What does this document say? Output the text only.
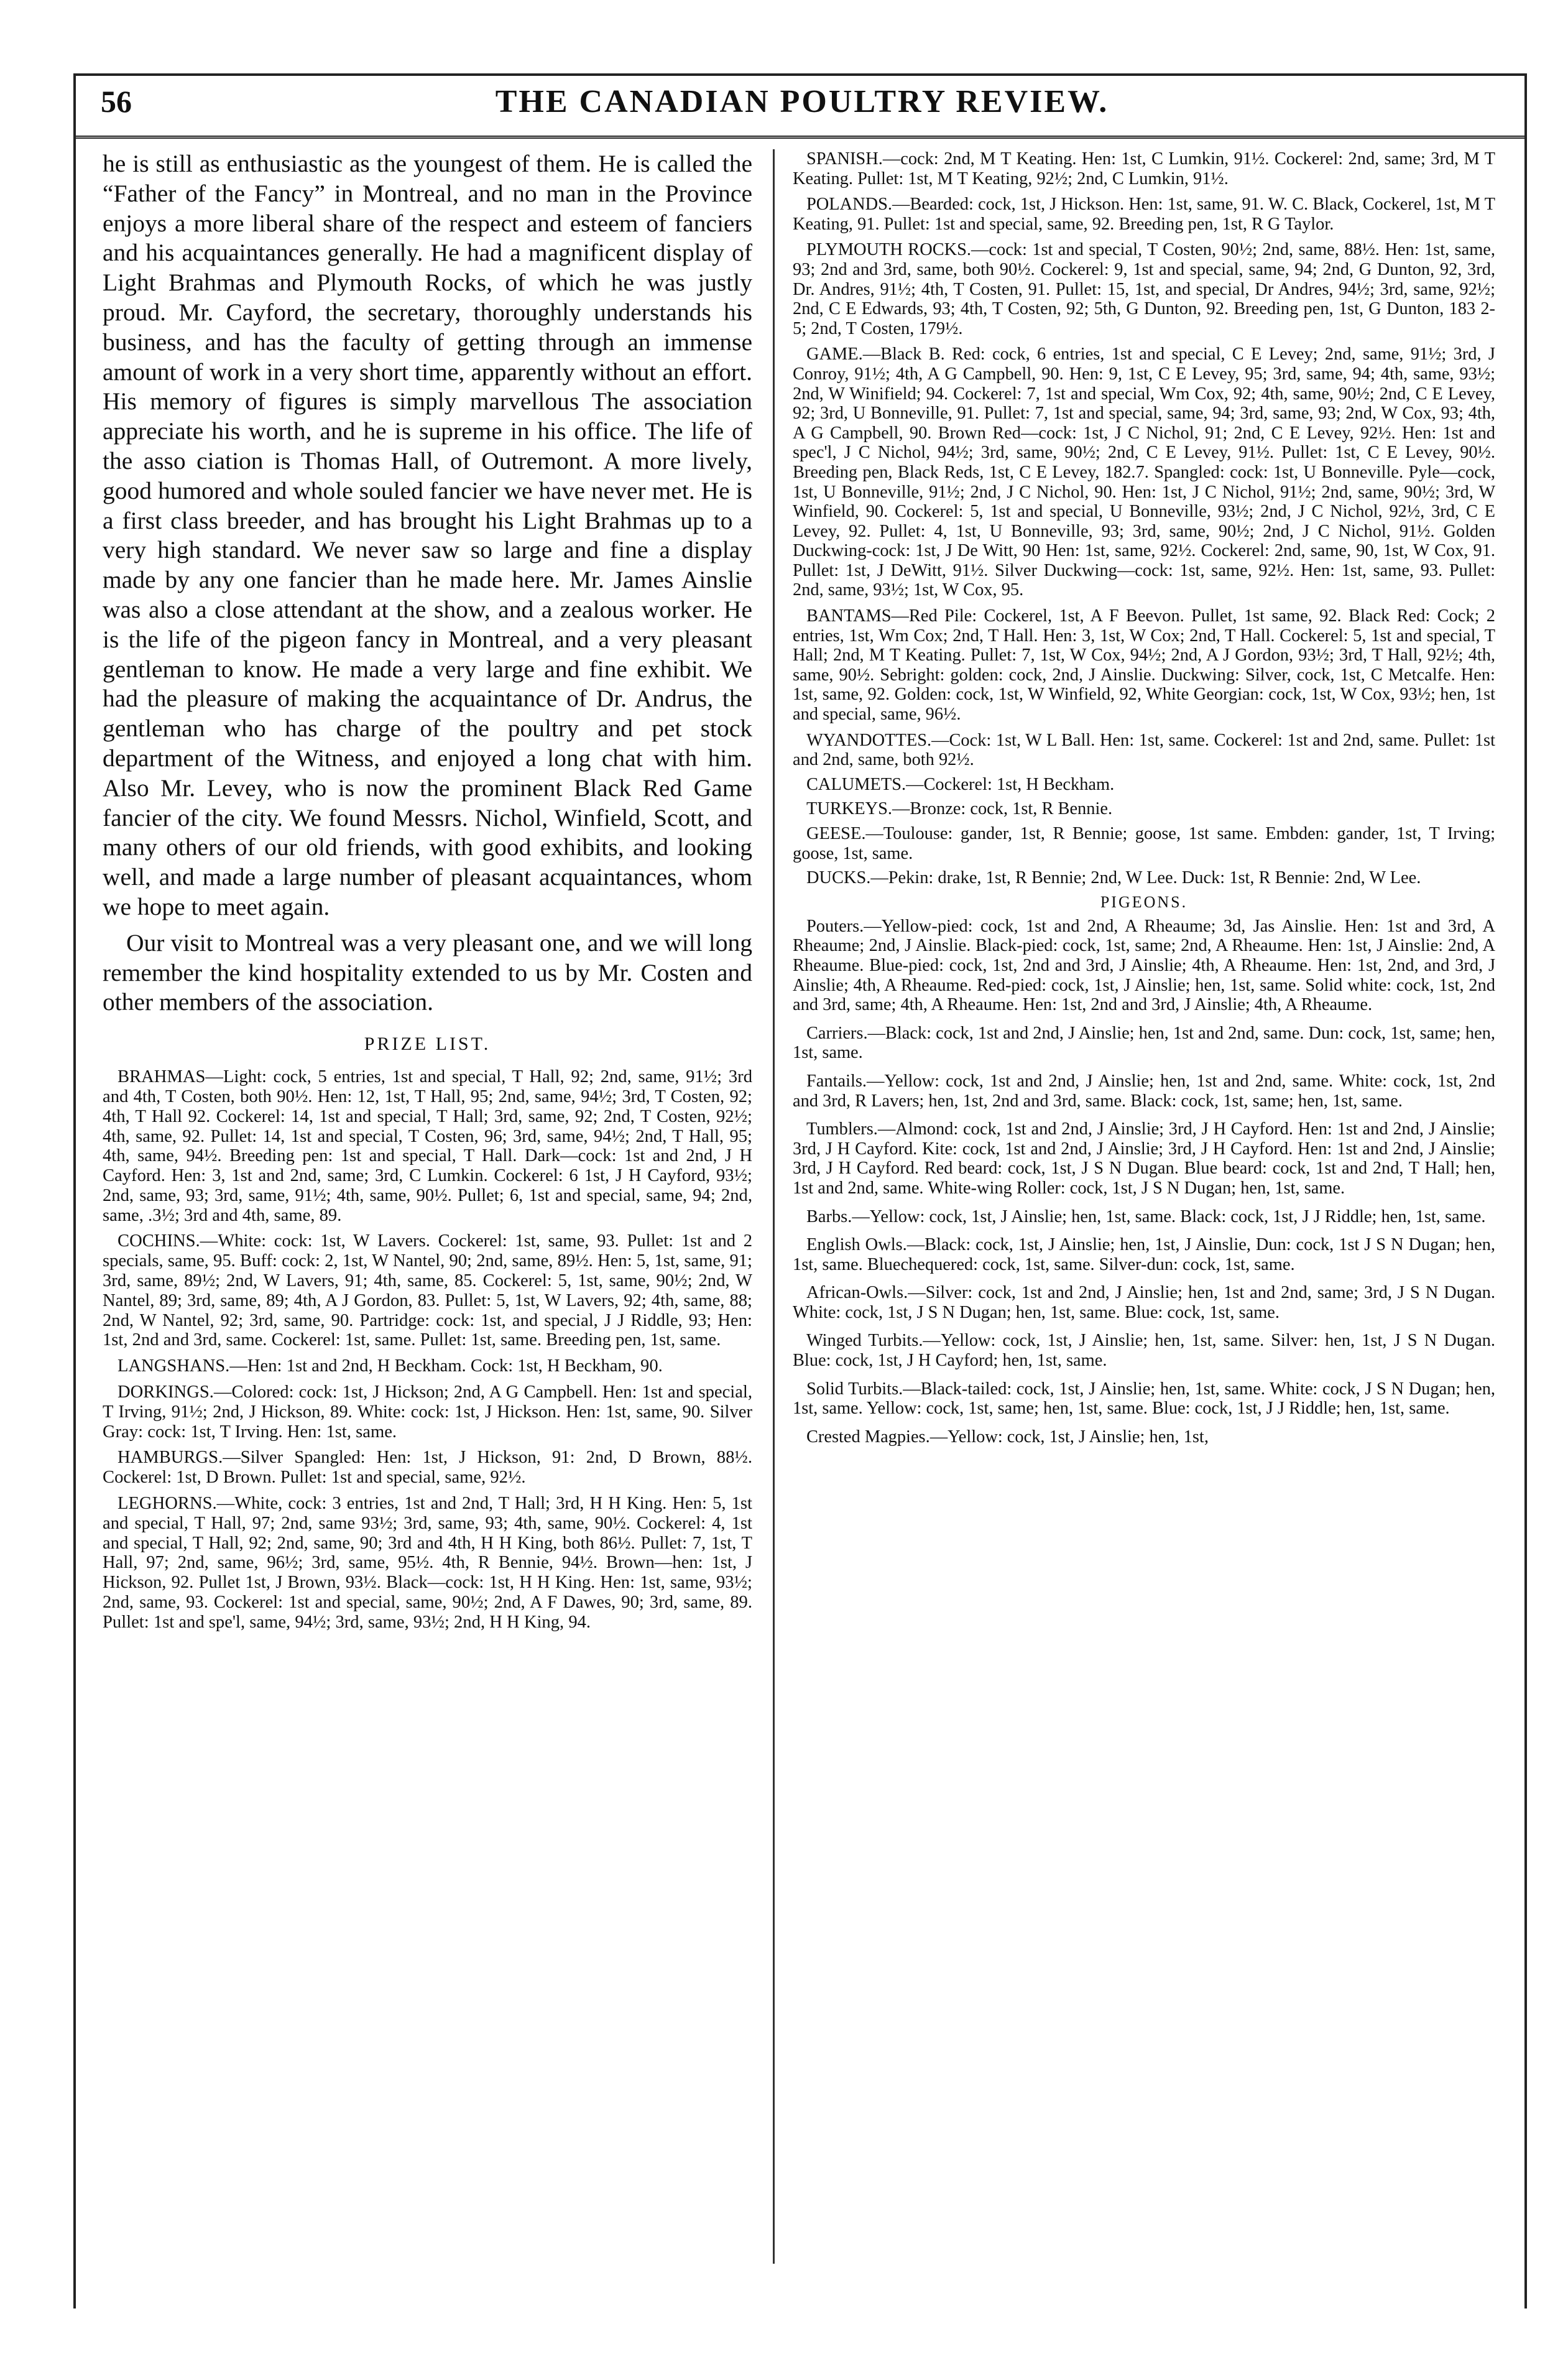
56	THE CANADIAN POULTRY REVIEW.

he is still as enthusiastic as the youngest of them. He is called the “Father of the Fancy” in Montreal, and no man in the Province enjoys a more liberal share of the respect and esteem of fanciers and his acquaintances generally. He had a magnificent display of Light Brahmas and Plymouth Rocks, of which he was justly proud. Mr. Cayford, the secretary, thoroughly understands his business, and has the faculty of getting through an immense amount of work in a very short time, apparently without an effort. His memory of figures is simply marvellous The association appreciate his worth, and he is supreme in his office. The life of the asso ciation is Thomas Hall, of Outremont. A more lively, good humored and whole souled fancier we have never met. He is a first class breeder, and has brought his Light Brahmas up to a very high standard. We never saw so large and fine a display made by any one fancier than he made here. Mr. James Ainslie was also a close attendant at the show, and a zealous worker. He is the life of the pigeon fancy in Montreal, and a very pleasant gentleman to know. He made a very large and fine exhibit. We had the pleasure of making the acquaintance of Dr. Andrus, the gentleman who has charge of the poultry and pet stock department of the Witness, and enjoyed a long chat with him. Also Mr. Levey, who is now the prominent Black Red Game fancier of the city. We found Messrs. Nichol, Winfield, Scott, and many others of our old friends, with good exhibits, and looking well, and made a large number of pleasant acquaintances, whom we hope to meet again.

Our visit to Montreal was a very pleasant one, and we will long remember the kind hospitality extended to us by Mr. Costen and other members of the association.

PRIZE LIST.

BRAHMAS—Light: cock, 5 entries, 1st and special, T Hall, 92; 2nd, same, 91½; 3rd and 4th, T Costen, both 90½. Hen: 12, 1st, T Hall, 95; 2nd, same, 94½; 3rd, T Costen, 92; 4th, T Hall 92. Cockerel: 14, 1st and special, T Hall; 3rd, same, 92; 2nd, T Costen, 92½; 4th, same, 92. Pullet: 14, 1st and special, T Costen, 96; 3rd, same, 94½; 2nd, T Hall, 95; 4th, same, 94½. Breeding pen: 1st and special, T Hall. Dark—cock: 1st and 2nd, J H Cayford. Hen: 3, 1st and 2nd, same; 3rd, C Lumkin. Cockerel: 6 1st, J H Cayford, 93½; 2nd, same, 93; 3rd, same, 91½; 4th, same, 90½. Pullet; 6, 1st and special, same, 94; 2nd, same, .3½; 3rd and 4th, same, 89.

COCHINS.—White: cock: 1st, W Lavers. Cockerel: 1st, same, 93. Pullet: 1st and 2 specials, same, 95. Buff: cock: 2, 1st, W Nantel, 90; 2nd, same, 89½. Hen: 5, 1st, same, 91; 3rd, same, 89½; 2nd, W Lavers, 91; 4th, same, 85. Cockerel: 5, 1st, same, 90½; 2nd, W Nantel, 89; 3rd, same, 89; 4th, A J Gordon, 83. Pullet: 5, 1st, W Lavers, 92; 4th, same, 88; 2nd, W Nantel, 92; 3rd, same, 90. Partridge: cock: 1st, and special, J J Riddle, 93; Hen: 1st, 2nd and 3rd, same. Cockerel: 1st, same. Pullet: 1st, same. Breeding pen, 1st, same.

LANGSHANS.—Hen: 1st and 2nd, H Beckham. Cock: 1st, H Beckham, 90.

DORKINGS.—Colored: cock: 1st, J Hickson; 2nd, A G Campbell. Hen: 1st and special, T Irving, 91½; 2nd, J Hickson, 89. White: cock: 1st, J Hickson. Hen: 1st, same, 90. Silver Gray: cock: 1st, T Irving. Hen: 1st, same.

HAMBURGS.—Silver Spangled: Hen: 1st, J Hickson, 91: 2nd, D Brown, 88½. Cockerel: 1st, D Brown. Pullet: 1st and special, same, 92½.

LEGHORNS.—White, cock: 3 entries, 1st and 2nd, T Hall; 3rd, H H King. Hen: 5, 1st and special, T Hall, 97; 2nd, same 93½; 3rd, same, 93; 4th, same, 90½. Cockerel: 4, 1st and special, T Hall, 92; 2nd, same, 90; 3rd and 4th, H H King, both 86½. Pullet: 7, 1st, T Hall, 97; 2nd, same, 96½; 3rd, same, 95½. 4th, R Bennie, 94½. Brown—hen: 1st, J Hickson, 92. Pullet 1st, J Brown, 93½. Black—cock: 1st, H H King. Hen: 1st, same, 93½; 2nd, same, 93. Cockerel: 1st and special, same, 90½; 2nd, A F Dawes, 90; 3rd, same, 89. Pullet: 1st and spe'l, same, 94½; 3rd, same, 93½; 2nd, H H King, 94.

SPANISH.—cock: 2nd, M T Keating. Hen: 1st, C Lumkin, 91½. Cockerel: 2nd, same; 3rd, M T Keating. Pullet: 1st, M T Keating, 92½; 2nd, C Lumkin, 91½.

POLANDS.—Bearded: cock, 1st, J Hickson. Hen: 1st, same, 91. W. C. Black, Cockerel, 1st, M T Keating, 91. Pullet: 1st and special, same, 92. Breeding pen, 1st, R G Taylor.

PLYMOUTH ROCKS.—cock: 1st and special, T Costen, 90½; 2nd, same, 88½. Hen: 1st, same, 93; 2nd and 3rd, same, both 90½. Cockerel: 9, 1st and special, same, 94; 2nd, G Dunton, 92, 3rd, Dr. Andres, 91½; 4th, T Costen, 91. Pullet: 15, 1st, and special, Dr Andres, 94½; 3rd, same, 92½; 2nd, C E Edwards, 93; 4th, T Costen, 92; 5th, G Dunton, 92. Breeding pen, 1st, G Dunton, 183 2-5; 2nd, T Costen, 179½.

GAME.—Black B. Red: cock, 6 entries, 1st and special, C E Levey; 2nd, same, 91½; 3rd, J Conroy, 91½; 4th, A G Campbell, 90. Hen: 9, 1st, C E Levey, 95; 3rd, same, 94; 4th, same, 93½; 2nd, W Winifield; 94. Cockerel: 7, 1st and special, Wm Cox, 92; 4th, same, 90½; 2nd, C E Levey, 92; 3rd, U Bonneville, 91. Pullet: 7, 1st and special, same, 94; 3rd, same, 93; 2nd, W Cox, 93; 4th, A G Campbell, 90. Brown Red—cock: 1st, J C Nichol, 91; 2nd, C E Levey, 92½. Hen: 1st and spec'l, J C Nichol, 94½; 3rd, same, 90½; 2nd, C E Levey, 91½. Pullet: 1st, C E Levey, 90½. Breeding pen, Black Reds, 1st, C E Levey, 182.7. Spangled: cock: 1st, U Bonneville. Pyle—cock, 1st, U Bonneville, 91½; 2nd, J C Nichol, 90. Hen: 1st, J C Nichol, 91½; 2nd, same, 90½; 3rd, W Winfield, 90. Cockerel: 5, 1st and special, U Bonneville, 93½; 2nd, J C Nichol, 92½, 3rd, C E Levey, 92. Pullet: 4, 1st, U Bonneville, 93; 3rd, same, 90½; 2nd, J C Nichol, 91½. Golden Duckwing-cock: 1st, J De Witt, 90 Hen: 1st, same, 92½. Cockerel: 2nd, same, 90, 1st, W Cox, 91. Pullet: 1st, J DeWitt, 91½. Silver Duckwing—cock: 1st, same, 92½. Hen: 1st, same, 93. Pullet: 2nd, same, 93½; 1st, W Cox, 95.

BANTAMS—Red Pile: Cockerel, 1st, A F Beevon. Pullet, 1st same, 92. Black Red: Cock; 2 entries, 1st, Wm Cox; 2nd, T Hall. Hen: 3, 1st, W Cox; 2nd, T Hall. Cockerel: 5, 1st and special, T Hall; 2nd, M T Keating. Pullet: 7, 1st, W Cox, 94½; 2nd, A J Gordon, 93½; 3rd, T Hall, 92½; 4th, same, 90½. Sebright: golden: cock, 2nd, J Ainslie. Duckwing: Silver, cock, 1st, C Metcalfe. Hen: 1st, same, 92. Golden: cock, 1st, W Winfield, 92, White Georgian: cock, 1st, W Cox, 93½; hen, 1st and special, same, 96½.

WYANDOTTES.—Cock: 1st, W L Ball. Hen: 1st, same. Cockerel: 1st and 2nd, same. Pullet: 1st and 2nd, same, both 92½.

CALUMETS.—Cockerel: 1st, H Beckham.

TURKEYS.—Bronze: cock, 1st, R Bennie.

GEESE.—Toulouse: gander, 1st, R Bennie; goose, 1st same. Embden: gander, 1st, T Irving; goose, 1st, same.

DUCKS.—Pekin: drake, 1st, R Bennie; 2nd, W Lee. Duck: 1st, R Bennie: 2nd, W Lee.

PIGEONS.

Pouters.—Yellow-pied: cock, 1st and 2nd, A Rheaume; 3d, Jas Ainslie. Hen: 1st and 3rd, A Rheaume; 2nd, J Ainslie. Black-pied: cock, 1st, same; 2nd, A Rheaume. Hen: 1st, J Ainslie: 2nd, A Rheaume. Blue-pied: cock, 1st, 2nd and 3rd, J Ainslie; 4th, A Rheaume. Hen: 1st, 2nd, and 3rd, J Ainslie; 4th, A Rheaume. Red-pied: cock, 1st, J Ainslie; hen, 1st, same. Solid white: cock, 1st, 2nd and 3rd, same; 4th, A Rheaume. Hen: 1st, 2nd and 3rd, J Ainslie; 4th, A Rheaume.

Carriers.—Black: cock, 1st and 2nd, J Ainslie; hen, 1st and 2nd, same. Dun: cock, 1st, same; hen, 1st, same.

Fantails.—Yellow: cock, 1st and 2nd, J Ainslie; hen, 1st and 2nd, same. White: cock, 1st, 2nd and 3rd, R Lavers; hen, 1st, 2nd and 3rd, same. Black: cock, 1st, same; hen, 1st, same.

Tumblers.—Almond: cock, 1st and 2nd, J Ainslie; 3rd, J H Cayford. Hen: 1st and 2nd, J Ainslie; 3rd, J H Cayford. Kite: cock, 1st and 2nd, J Ainslie; 3rd, J H Cayford. Hen: 1st and 2nd, J Ainslie; 3rd, J H Cayford. Red beard: cock, 1st, J S N Dugan. Blue beard: cock, 1st and 2nd, T Hall; hen, 1st and 2nd, same. White-wing Roller: cock, 1st, J S N Dugan; hen, 1st, same.

Barbs.—Yellow: cock, 1st, J Ainslie; hen, 1st, same. Black: cock, 1st, J J Riddle; hen, 1st, same.

English Owls.—Black: cock, 1st, J Ainslie; hen, 1st, J Ainslie, Dun: cock, 1st J S N Dugan; hen, 1st, same. Bluechequered: cock, 1st, same. Silver-dun: cock, 1st, same.

African-Owls.—Silver: cock, 1st and 2nd, J Ainslie; hen, 1st and 2nd, same; 3rd, J S N Dugan. White: cock, 1st, J S N Dugan; hen, 1st, same. Blue: cock, 1st, same.

Winged Turbits.—Yellow: cock, 1st, J Ainslie; hen, 1st, same. Silver: hen, 1st, J S N Dugan. Blue: cock, 1st, J H Cayford; hen, 1st, same.

Solid Turbits.—Black-tailed: cock, 1st, J Ainslie; hen, 1st, same. White: cock, J S N Dugan; hen, 1st, same. Yellow: cock, 1st, same; hen, 1st, same. Blue: cock, 1st, J J Riddle; hen, 1st, same.

Crested Magpies.—Yellow: cock, 1st, J Ainslie; hen, 1st,
